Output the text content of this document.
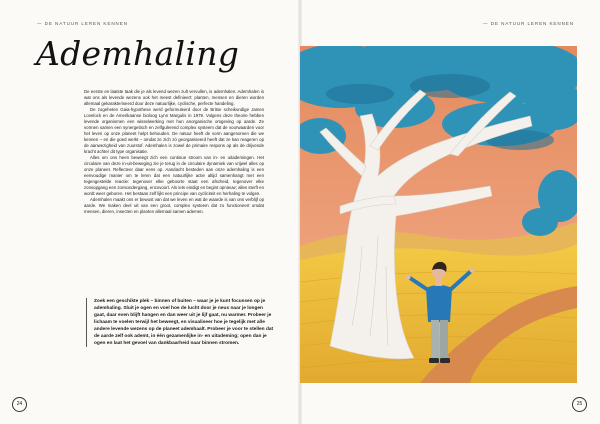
— DE NATUUR LEREN KENNEN
Ademhaling

De eerste en laatste taak die je als levend wezen zult vervullen, is ademhalen. Ademhalen is wat ons als levende wezens ook het meest definieert: planten, mensen en dieren worden allemaal gekarakteriseerd door deze natuurlijke, cyclische, perfecte handeling.

De zogeheten Gaia-hypothese werd geformuleerd door de Britse scheikundige James Lovelock en de Amerikaanse bioloog Lynn Margulis in 1979. Volgens deze theorie hebben levende organismen een wisselwerking met hun anorganische omgeving op aarde. Ze vormen samen een synergetisch en zelfgulerend complex systeem dat de voorwaarden voor het leven op onze planeet helpt behouden. De natuur heeft de vorm aangenomen die we kennen – en die goed werkt – omdat ze zich zó georganiseerd heeft dat ze kan reageren op de aanwezigheid van zuurstof. Ademhalen is zowel de primaire respons op als de drijvende kracht achter dit type organisatie.

Alles om ons heen beweegt zich een continue stroom van in- en uitademingen. Het circulaire van deze in-uit-beweging zie je terug in de circulaire dynamiek van vrijwel alles op onze planeet. Reflecteer daar eens op. Aandacht besteden aan onze ademhaling is een eenvoudige manier om te leren dat een natuurlijke actie altijd samenhangt met een tegengestelde reactie: tegenover elke geboorte staat een afscheid, tegenover elke zonsopgang een zonsondergang, enzovoort. Als iets eindigt en begint opnieuw; alles sterft en wordt weer geboren. Het bestaan zelf lijkt een principe van cyclicitеit en herhaling te volgen.

Ademhalen maakt ons er bewust van dat we leven en wat de waarde is van ons verblijf op aarde. We maken deel uit van een groot, complex systeem dat zo functioneert omdat mensen, dieren, insecten en planten allemaal samen ademen.

Zoek een geschikte plek – binnen of buiten – waar je je kunt focussen op je ademhaling. Sluit je ogen en voel hoe de lucht door je neus naar je longen gaat, daar even blijft hangen en dan weer uit je lijf gaat, nu warmer. Probeer je lichaam te voelen terwijl het beweegt, en visualiseer hoe je tegelijk met alle andere levende wezens op de planeet ademhaalt. Probeer je voor te stellen dat de aarde zelf ook ademt, in één gezamenlijke in- en uitademing; open dan je ogen en laat het gevoel van dankbaarheid naar binnen stromen.
24
— DE NATUUR LEREN KENNEN
25
